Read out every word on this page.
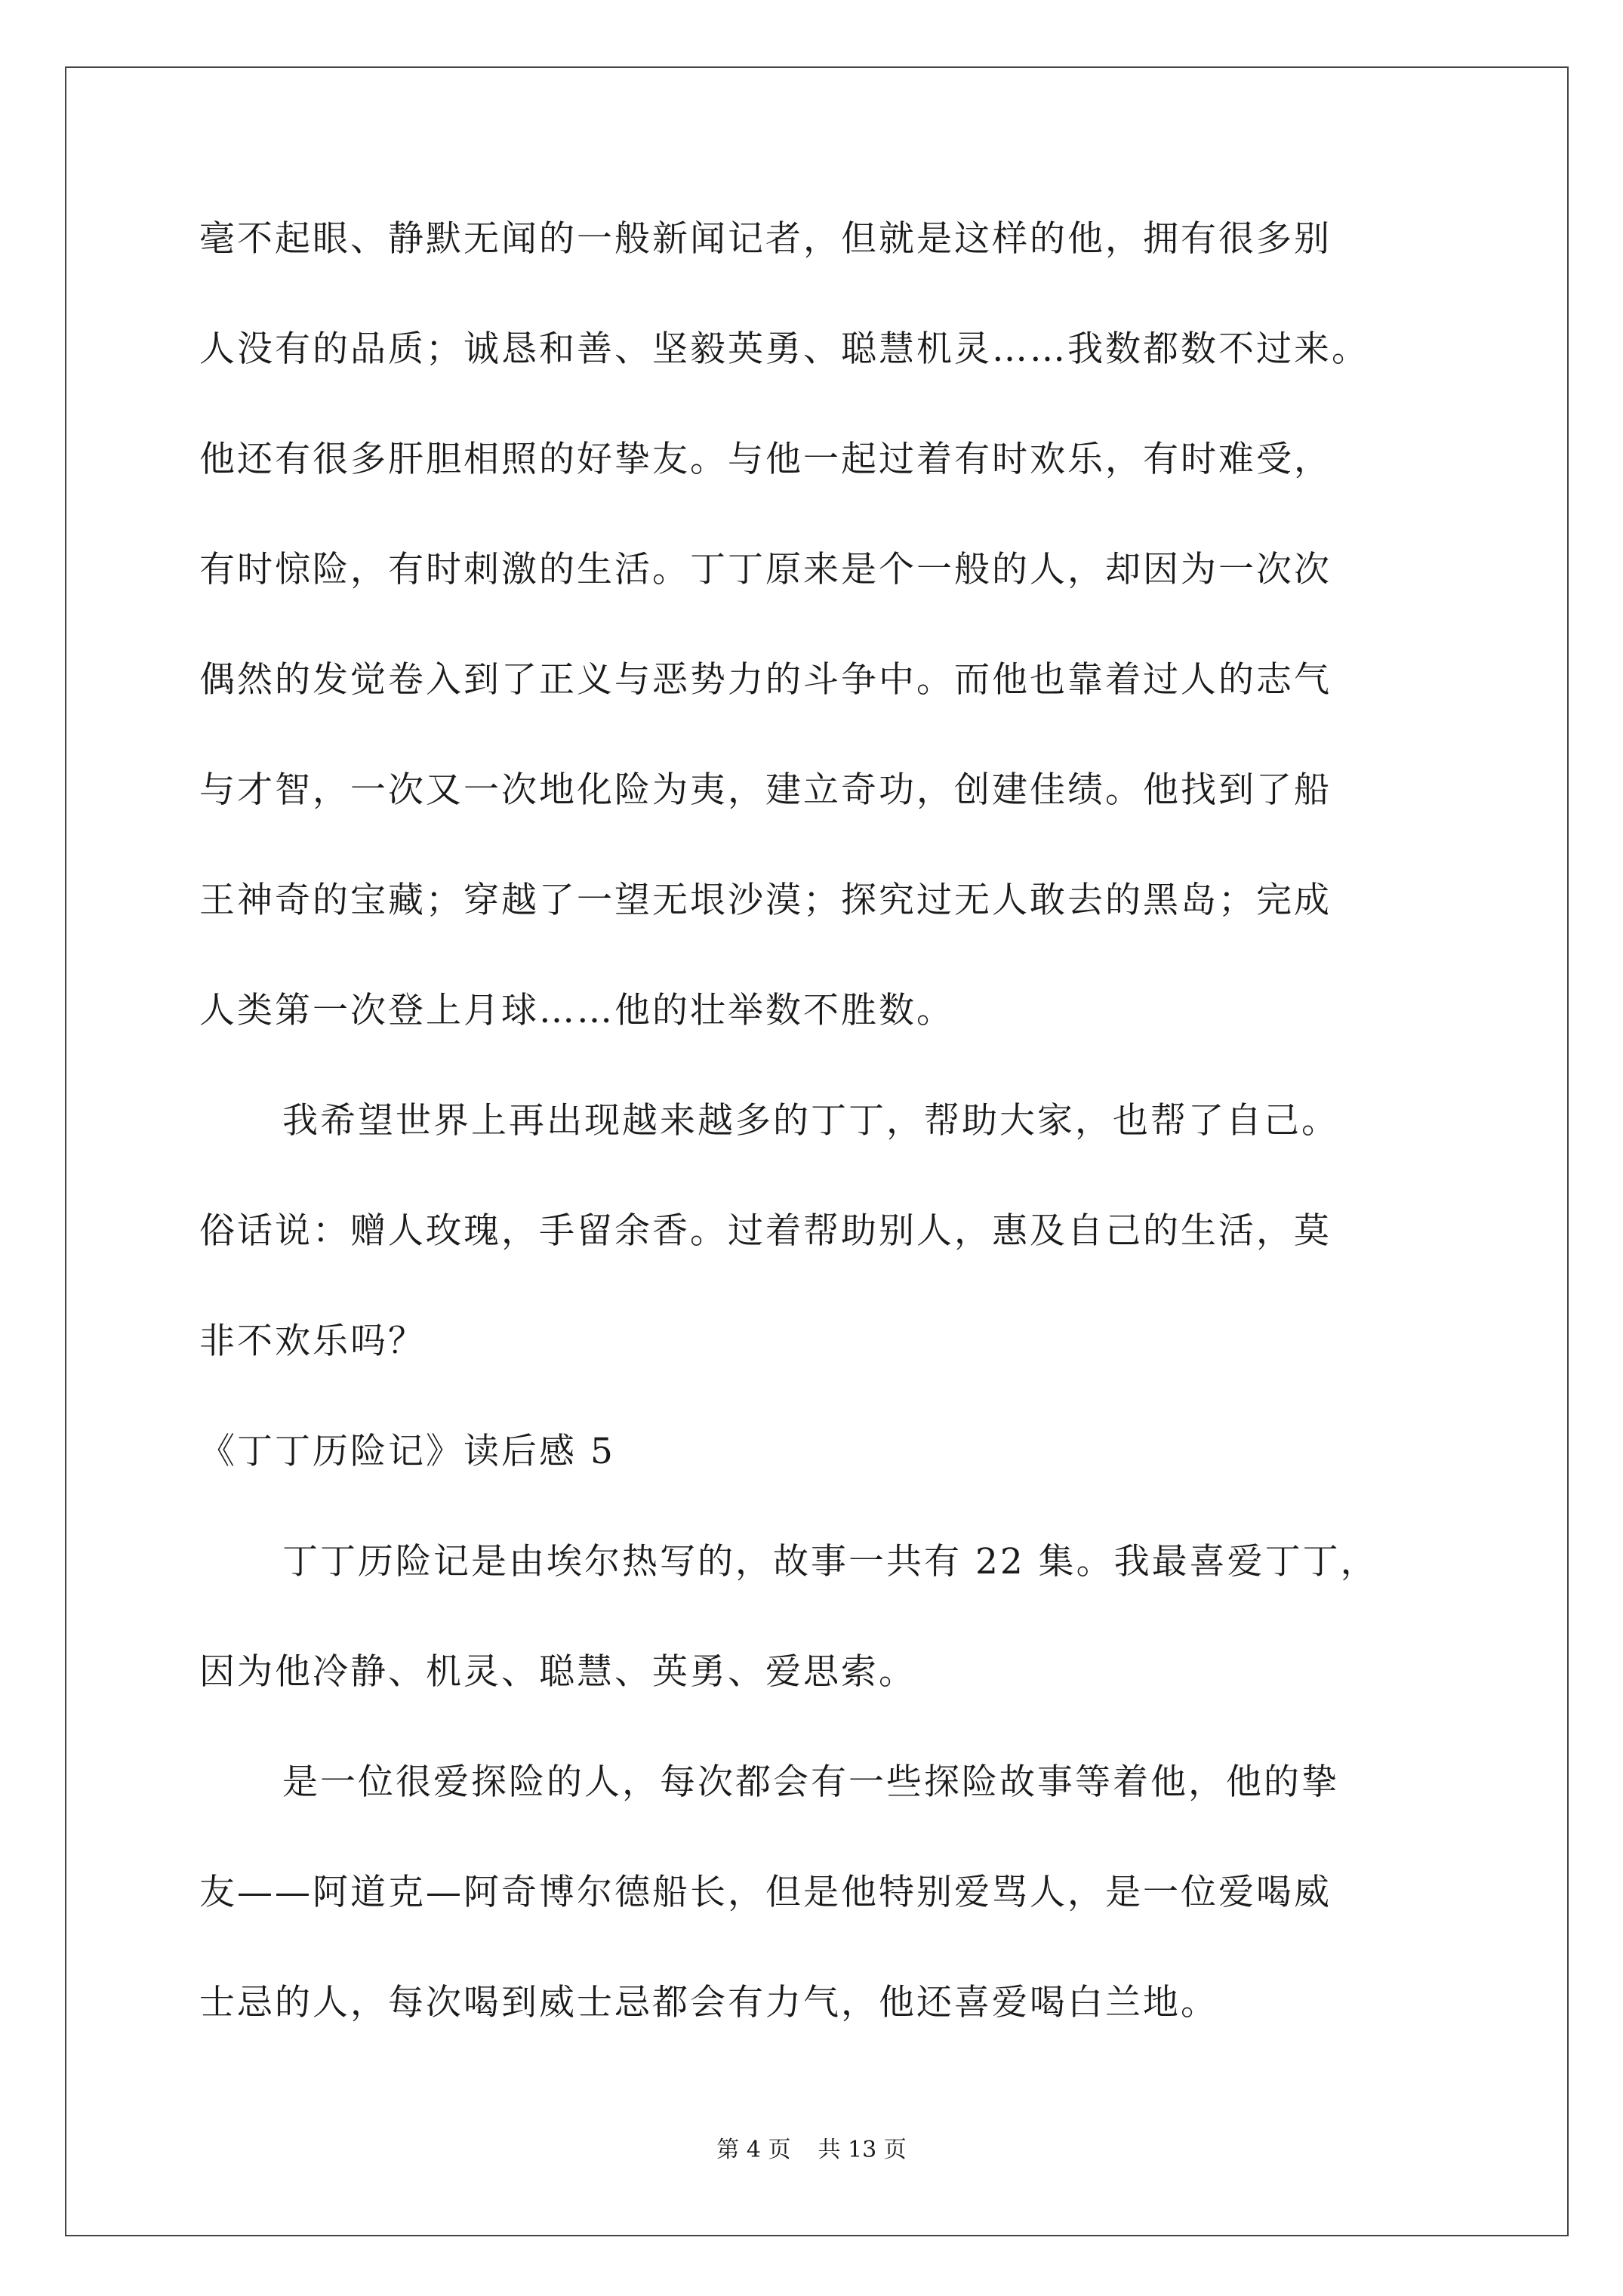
毫不起眼、静默无闻的一般新闻记者，但就是这样的他，拥有很多别
人没有的品质；诚恳和善、坚毅英勇、聪慧机灵……我数都数不过来。
他还有很多肝胆相照的好挚友。与他一起过着有时欢乐，有时难受，
有时惊险，有时刺激的生活。丁丁原来是个一般的人，却因为一次次
偶然的发觉卷入到了正义与恶势力的斗争中。而他也靠着过人的志气
与才智，一次又一次地化险为夷，建立奇功，创建佳绩。他找到了船
王神奇的宝藏；穿越了一望无垠沙漠；探究过无人敢去的黑岛；完成
人类第一次登上月球……他的壮举数不胜数。
我希望世界上再出现越来越多的丁丁，帮助大家，也帮了自己。
俗话说：赠人玫瑰，手留余香。过着帮助别人，惠及自己的生活，莫
非不欢乐吗？
《丁丁历险记》读后感 5
丁丁历险记是由埃尔热写的，故事一共有 22 集。我最喜爱丁丁，
因为他冷静、机灵、聪慧、英勇、爱思索。
是一位很爱探险的人，每次都会有一些探险故事等着他，他的挚
友——阿道克—阿奇博尔德船长，但是他特别爱骂人，是一位爱喝威
士忌的人，每次喝到威士忌都会有力气，他还喜爱喝白兰地。
第 4 页 共 13 页
